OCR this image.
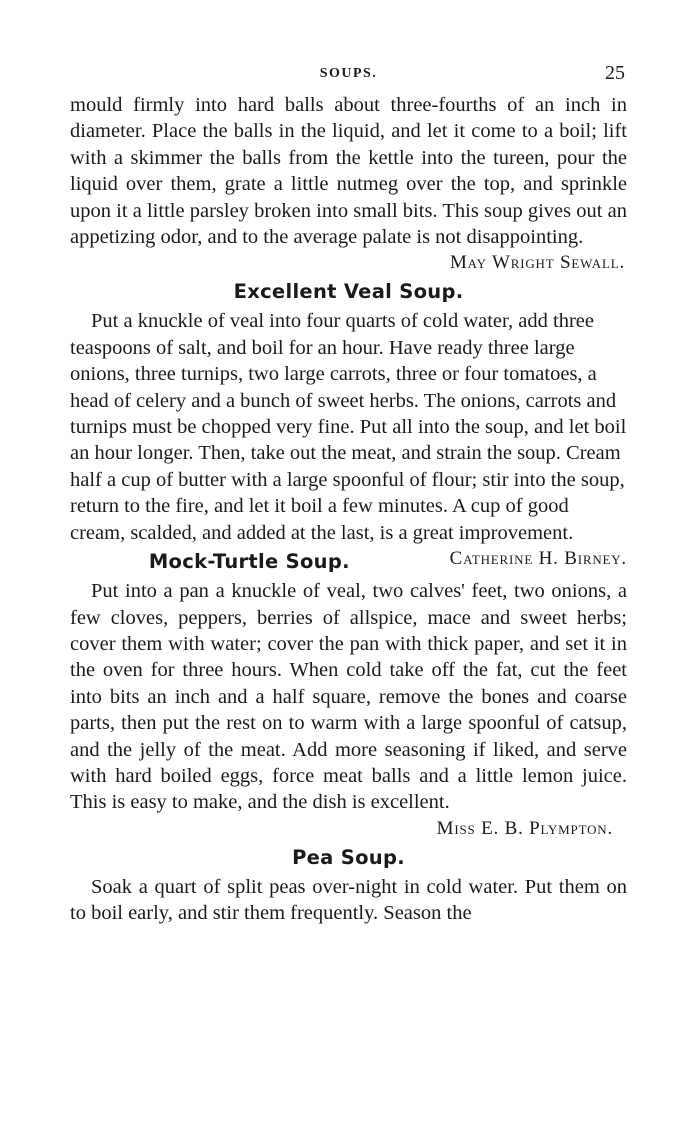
SOUPS.	25

mould firmly into hard balls about three-fourths of an inch in diameter. Place the balls in the liquid, and let it come to a boil; lift with a skimmer the balls from the kettle into the tureen, pour the liquid over them, grate a little nutmeg over the top, and sprinkle upon it a little parsley broken into small bits. This soup gives out an appetizing odor, and to the average palate is not disappointing.

May Wright Sewall.

Excellent Veal Soup.

Put a knuckle of veal into four quarts of cold water, add three teaspoons of salt, and boil for an hour. Have ready three large onions, three turnips, two large carrots, three or four tomatoes, a head of celery and a bunch of sweet herbs. The onions, carrots and turnips must be chopped very fine. Put all into the soup, and let boil an hour longer. Then, take out the meat, and strain the soup. Cream half a cup of butter with a large spoonful of flour; stir into the soup, return to the fire, and let it boil a few minutes. A cup of good cream, scalded, and added at the last, is a great improvement.
Catherine H. Birney.

Mock-Turtle Soup.

Put into a pan a knuckle of veal, two calves' feet, two onions, a few cloves, peppers, berries of allspice, mace and sweet herbs; cover them with water; cover the pan with thick paper, and set it in the oven for three hours. When cold take off the fat, cut the feet into bits an inch and a half square, remove the bones and coarse parts, then put the rest on to warm with a large spoonful of catsup, and the jelly of the meat. Add more seasoning if liked, and serve with hard boiled eggs, force meat balls and a little lemon juice. This is easy to make, and the dish is excellent.

Miss E. B. Plympton.

Pea Soup.

Soak a quart of split peas over-night in cold water. Put them on to boil early, and stir them frequently. Season the
